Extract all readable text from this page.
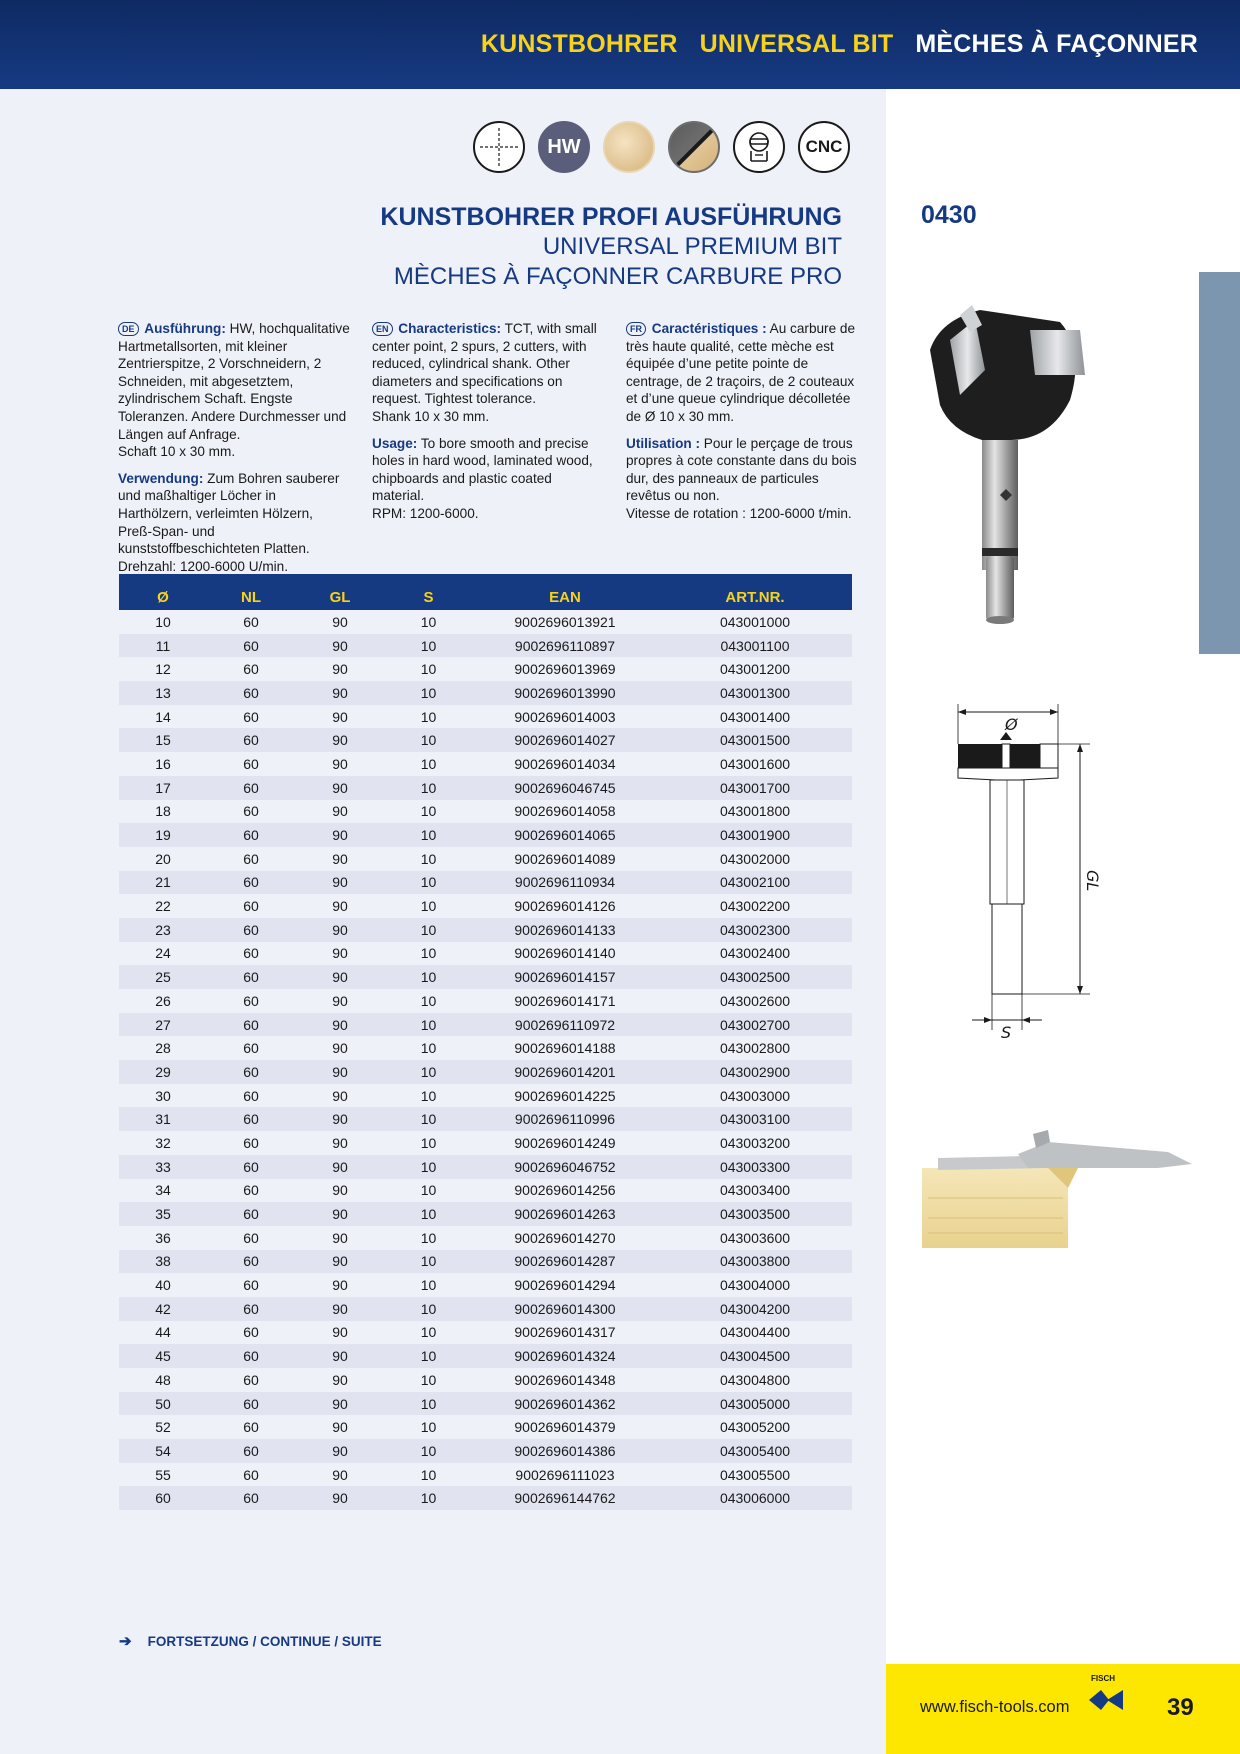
KUNSTBOHRER UNIVERSAL BIT MÈCHES À FAÇONNER
HW	CNC
KUNSTBOHRER PROFI AUSFÜHRUNG
UNIVERSAL PREMIUM BIT
MÈCHES À FAÇONNER CARBURE PRO
0430

DE Ausführung: HW, hochqualitative Hartmetallsorten, mit kleiner Zentrierspitze, 2 Vorschneidern, 2 Schneiden, mit abgesetztem, zylindrischem Schaft. Engste Toleranzen. Andere Durchmesser und Längen auf Anfrage.
Schaft 10 x 30 mm.

Verwendung: Zum Bohren sauberer und maßhaltiger Löcher in Harthölzern, verleimten Hölzern, Preß-Span- und kunststoffbeschichteten Platten.
Drehzahl: 1200-6000 U/min.

EN Characteristics: TCT, with small center point, 2 spurs, 2 cutters, with reduced, cylindrical shank. Other diameters and specifications on request. Tightest tolerance.
Shank 10 x 30 mm.

Usage: To bore smooth and precise holes in hard wood, laminated wood, chipboards and plastic coated material.
RPM: 1200-6000.

FR Caractéristiques : Au carbure de très haute qualité, cette mèche est équipée d’une petite pointe de centrage, de 2 traçoirs, de 2 couteaux et d’une queue cylindrique décolletée de Ø 10 x 30 mm.

Utilisation : Pour le perçage de trous propres à cote constante dans du bois dur, des panneaux de particules revêtus ou non.
Vitesse de rotation : 1200-6000 t/min.

Ø	NL	GL	S	EAN	ART.NR.
10	60	90	10	9002696013921	043001000
11	60	90	10	9002696110897	043001100
12	60	90	10	9002696013969	043001200
13	60	90	10	9002696013990	043001300
14	60	90	10	9002696014003	043001400
15	60	90	10	9002696014027	043001500
16	60	90	10	9002696014034	043001600
17	60	90	10	9002696046745	043001700
18	60	90	10	9002696014058	043001800
19	60	90	10	9002696014065	043001900
20	60	90	10	9002696014089	043002000
21	60	90	10	9002696110934	043002100
22	60	90	10	9002696014126	043002200
23	60	90	10	9002696014133	043002300
24	60	90	10	9002696014140	043002400
25	60	90	10	9002696014157	043002500
26	60	90	10	9002696014171	043002600
27	60	90	10	9002696110972	043002700
28	60	90	10	9002696014188	043002800
29	60	90	10	9002696014201	043002900
30	60	90	10	9002696014225	043003000
31	60	90	10	9002696110996	043003100
32	60	90	10	9002696014249	043003200
33	60	90	10	9002696046752	043003300
34	60	90	10	9002696014256	043003400
35	60	90	10	9002696014263	043003500
36	60	90	10	9002696014270	043003600
38	60	90	10	9002696014287	043003800
40	60	90	10	9002696014294	043004000
42	60	90	10	9002696014300	043004200
44	60	90	10	9002696014317	043004400
45	60	90	10	9002696014324	043004500
48	60	90	10	9002696014348	043004800
50	60	90	10	9002696014362	043005000
52	60	90	10	9002696014379	043005200
54	60	90	10	9002696014386	043005400
55	60	90	10	9002696111023	043005500
60	60	90	10	9002696144762	043006000
➔ FORTSETZUNG / CONTINUE / SUITE
Ø
GL
S
www.fisch-tools.com
FISCH
39
